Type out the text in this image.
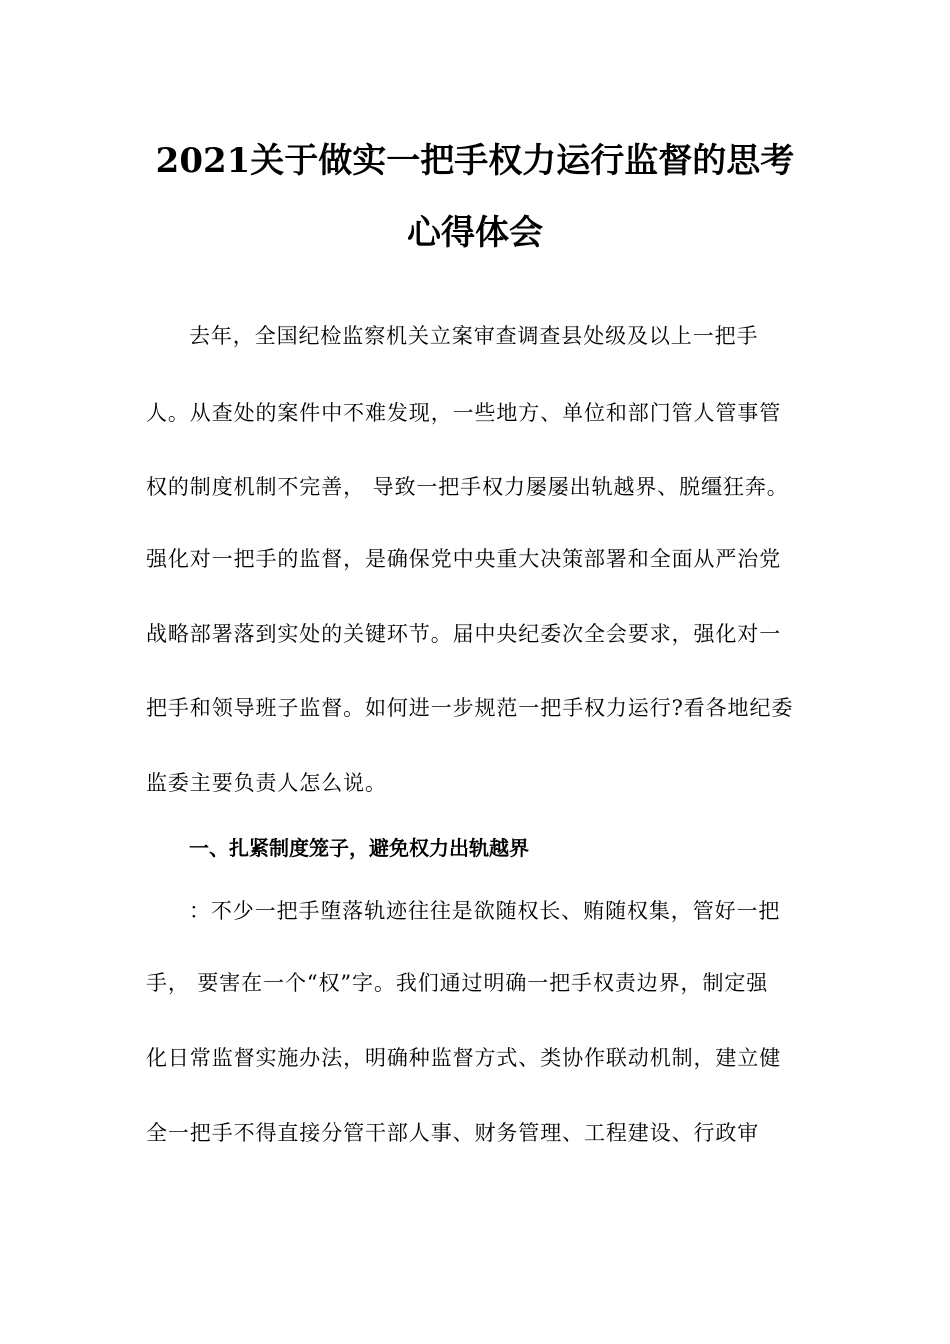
2021关于做实一把手权力运行监督的思考
心得体会
去年，全国纪检监察机关立案审查调查县处级及以上一把手
人。从查处的案件中不难发现，一些地方、单位和部门管人管事管
权的制度机制不完善， 导致一把手权力屡屡出轨越界、脱缰狂奔。
强化对一把手的监督，是确保党中央重大决策部署和全面从严治党
战略部署落到实处的关键环节。届中央纪委次全会要求，强化对一
把手和领导班子监督。如何进一步规范一把手权力运行?看各地纪委
监委主要负责人怎么说。
一、扎紧制度笼子，避免权力出轨越界
：不少一把手堕落轨迹往往是欲随权长、贿随权集，管好一把
手， 要害在一个“权”字。我们通过明确一把手权责边界，制定强
化日常监督实施办法，明确种监督方式、类协作联动机制，建立健
全一把手不得直接分管干部人事、财务管理、工程建设、行政审
